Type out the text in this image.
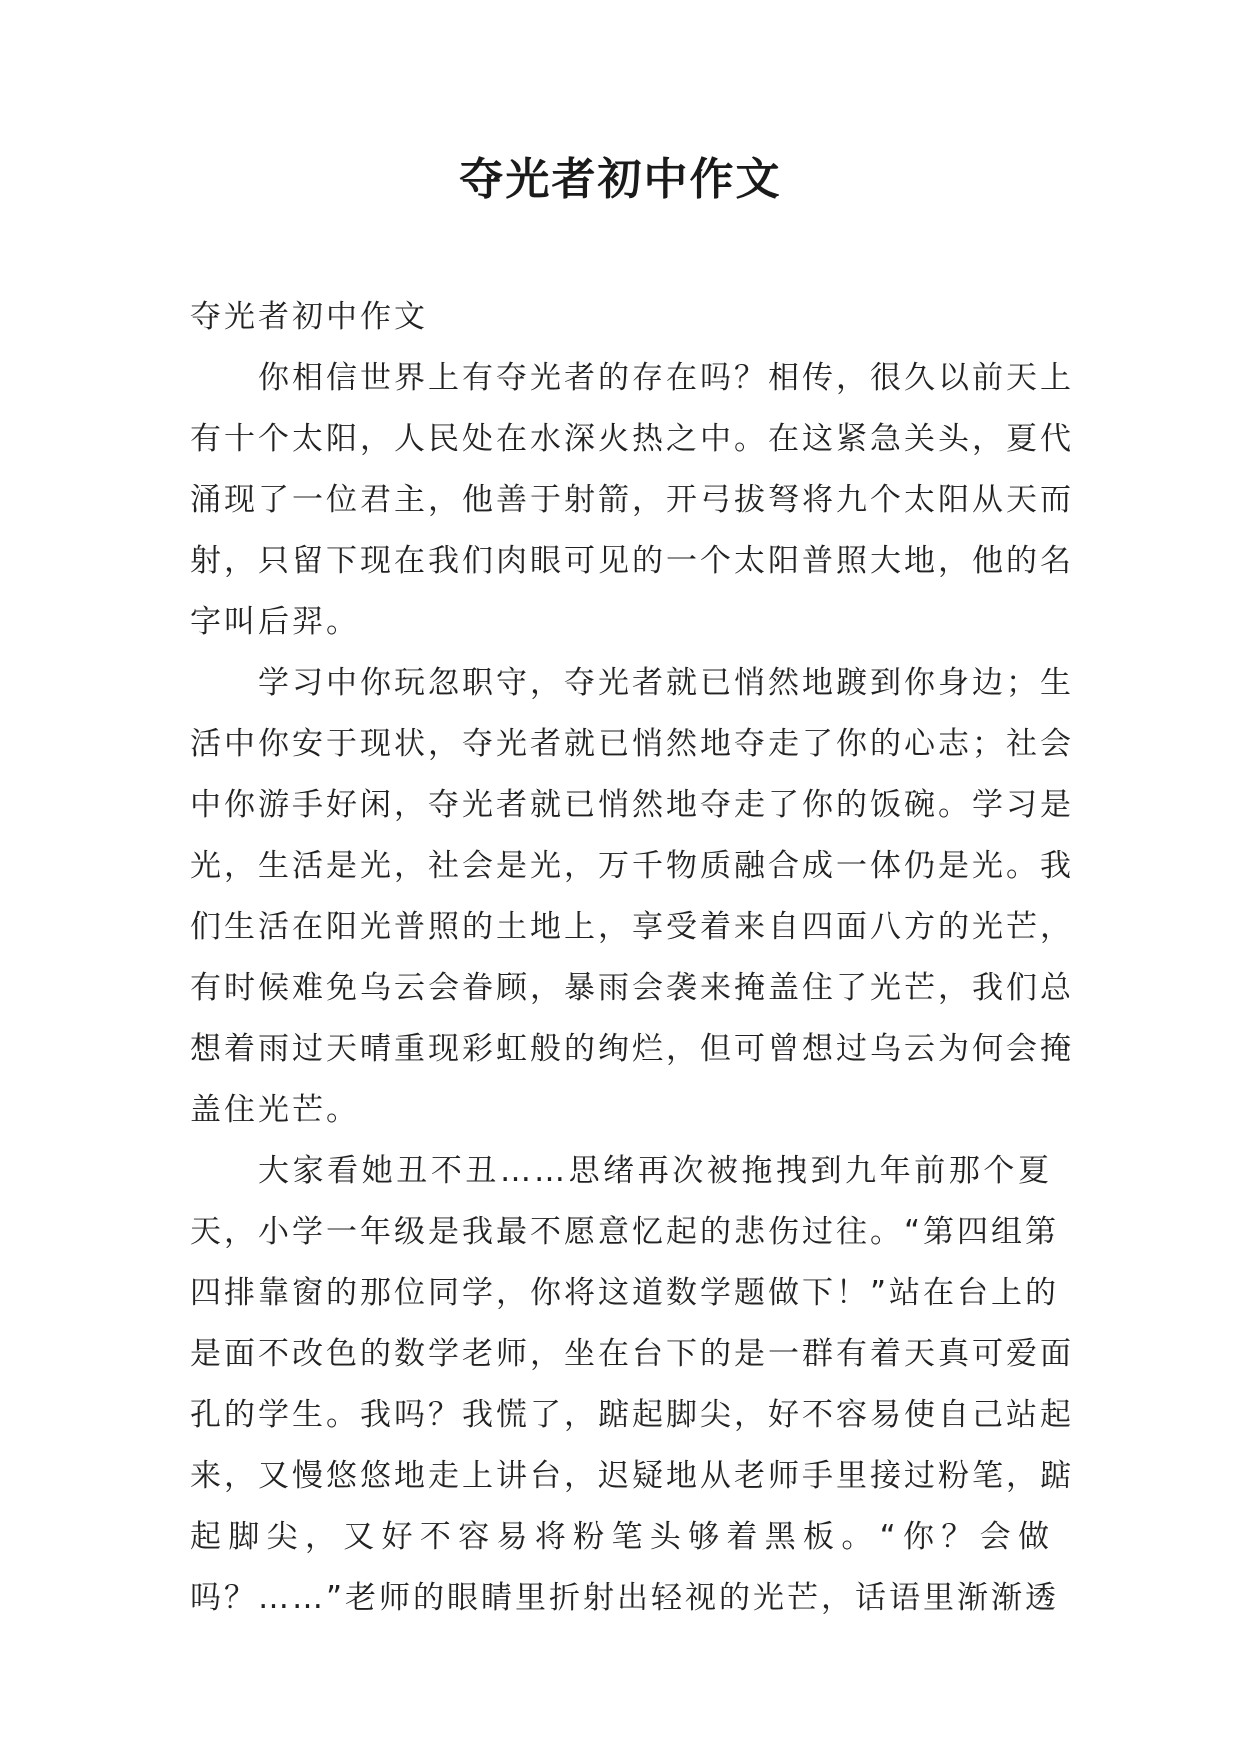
夺光者初中作文

夺光者初中作文

你相信世界上有夺光者的存在吗？相传，很久以前天上
有十个太阳，人民处在水深火热之中。在这紧急关头，夏代
涌现了一位君主，他善于射箭，开弓拔弩将九个太阳从天而
射，只留下现在我们肉眼可见的一个太阳普照大地，他的名
字叫后羿。

学习中你玩忽职守，夺光者就已悄然地踱到你身边；生
活中你安于现状，夺光者就已悄然地夺走了你的心志；社会
中你游手好闲，夺光者就已悄然地夺走了你的饭碗。学习是
光，生活是光，社会是光，万千物质融合成一体仍是光。我
们生活在阳光普照的土地上，享受着来自四面八方的光芒，
有时候难免乌云会眷顾，暴雨会袭来掩盖住了光芒，我们总
想着雨过天晴重现彩虹般的绚烂，但可曾想过乌云为何会掩
盖住光芒。

大家看她丑不丑……思绪再次被拖拽到九年前那个夏
天，小学一年级是我最不愿意忆起的悲伤过往。“第四组第
四排靠窗的那位同学，你将这道数学题做下！”站在台上的
是面不改色的数学老师，坐在台下的是一群有着天真可爱面
孔的学生。我吗？我慌了，踮起脚尖，好不容易使自己站起
来，又慢悠悠地走上讲台，迟疑地从老师手里接过粉笔，踮
起脚尖，又好不容易将粉笔头够着黑板。“你？会做
吗？……”老师的眼睛里折射出轻视的光芒，话语里渐渐透
